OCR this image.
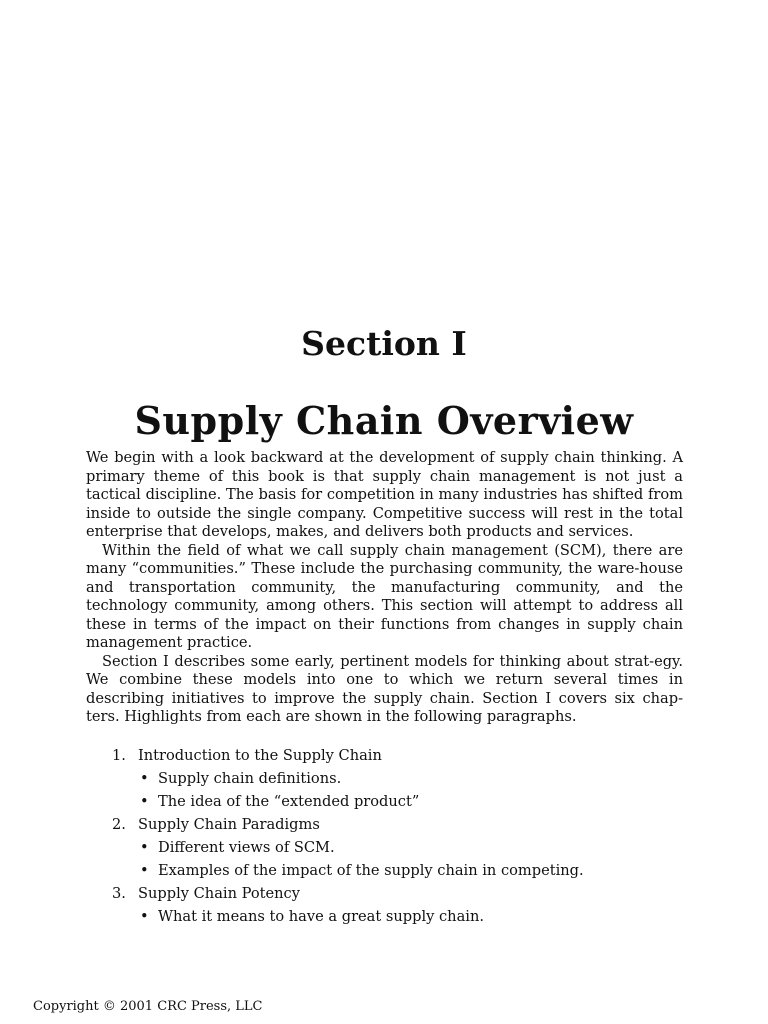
Section I
Supply Chain Overview

We begin with a look backward at the development of supply chain thinking. A primary theme of this book is that supply chain management is not just a tactical discipline. The basis for competition in many industries has shifted from inside to outside the single company. Competitive success will rest in the total enterprise that develops, makes, and delivers both products and services.

Within the field of what we call supply chain management (SCM), there are many “communities.” These include the purchasing community, the ware-house and transportation community, the manufacturing community, and the technology community, among others. This section will attempt to address all these in terms of the impact on their functions from changes in supply chain management practice.

Section I describes some early, pertinent models for thinking about strat-egy. We combine these models into one to which we return several times in describing initiatives to improve the supply chain. Section I covers six chap-ters. Highlights from each are shown in the following paragraphs.

1. Introduction to the Supply Chain
• Supply chain definitions.
• The idea of the “extended product”
2. Supply Chain Paradigms
• Different views of SCM.
• Examples of the impact of the supply chain in competing.
3. Supply Chain Potency
• What it means to have a great supply chain.
Copyright © 2001 CRC Press, LLC
